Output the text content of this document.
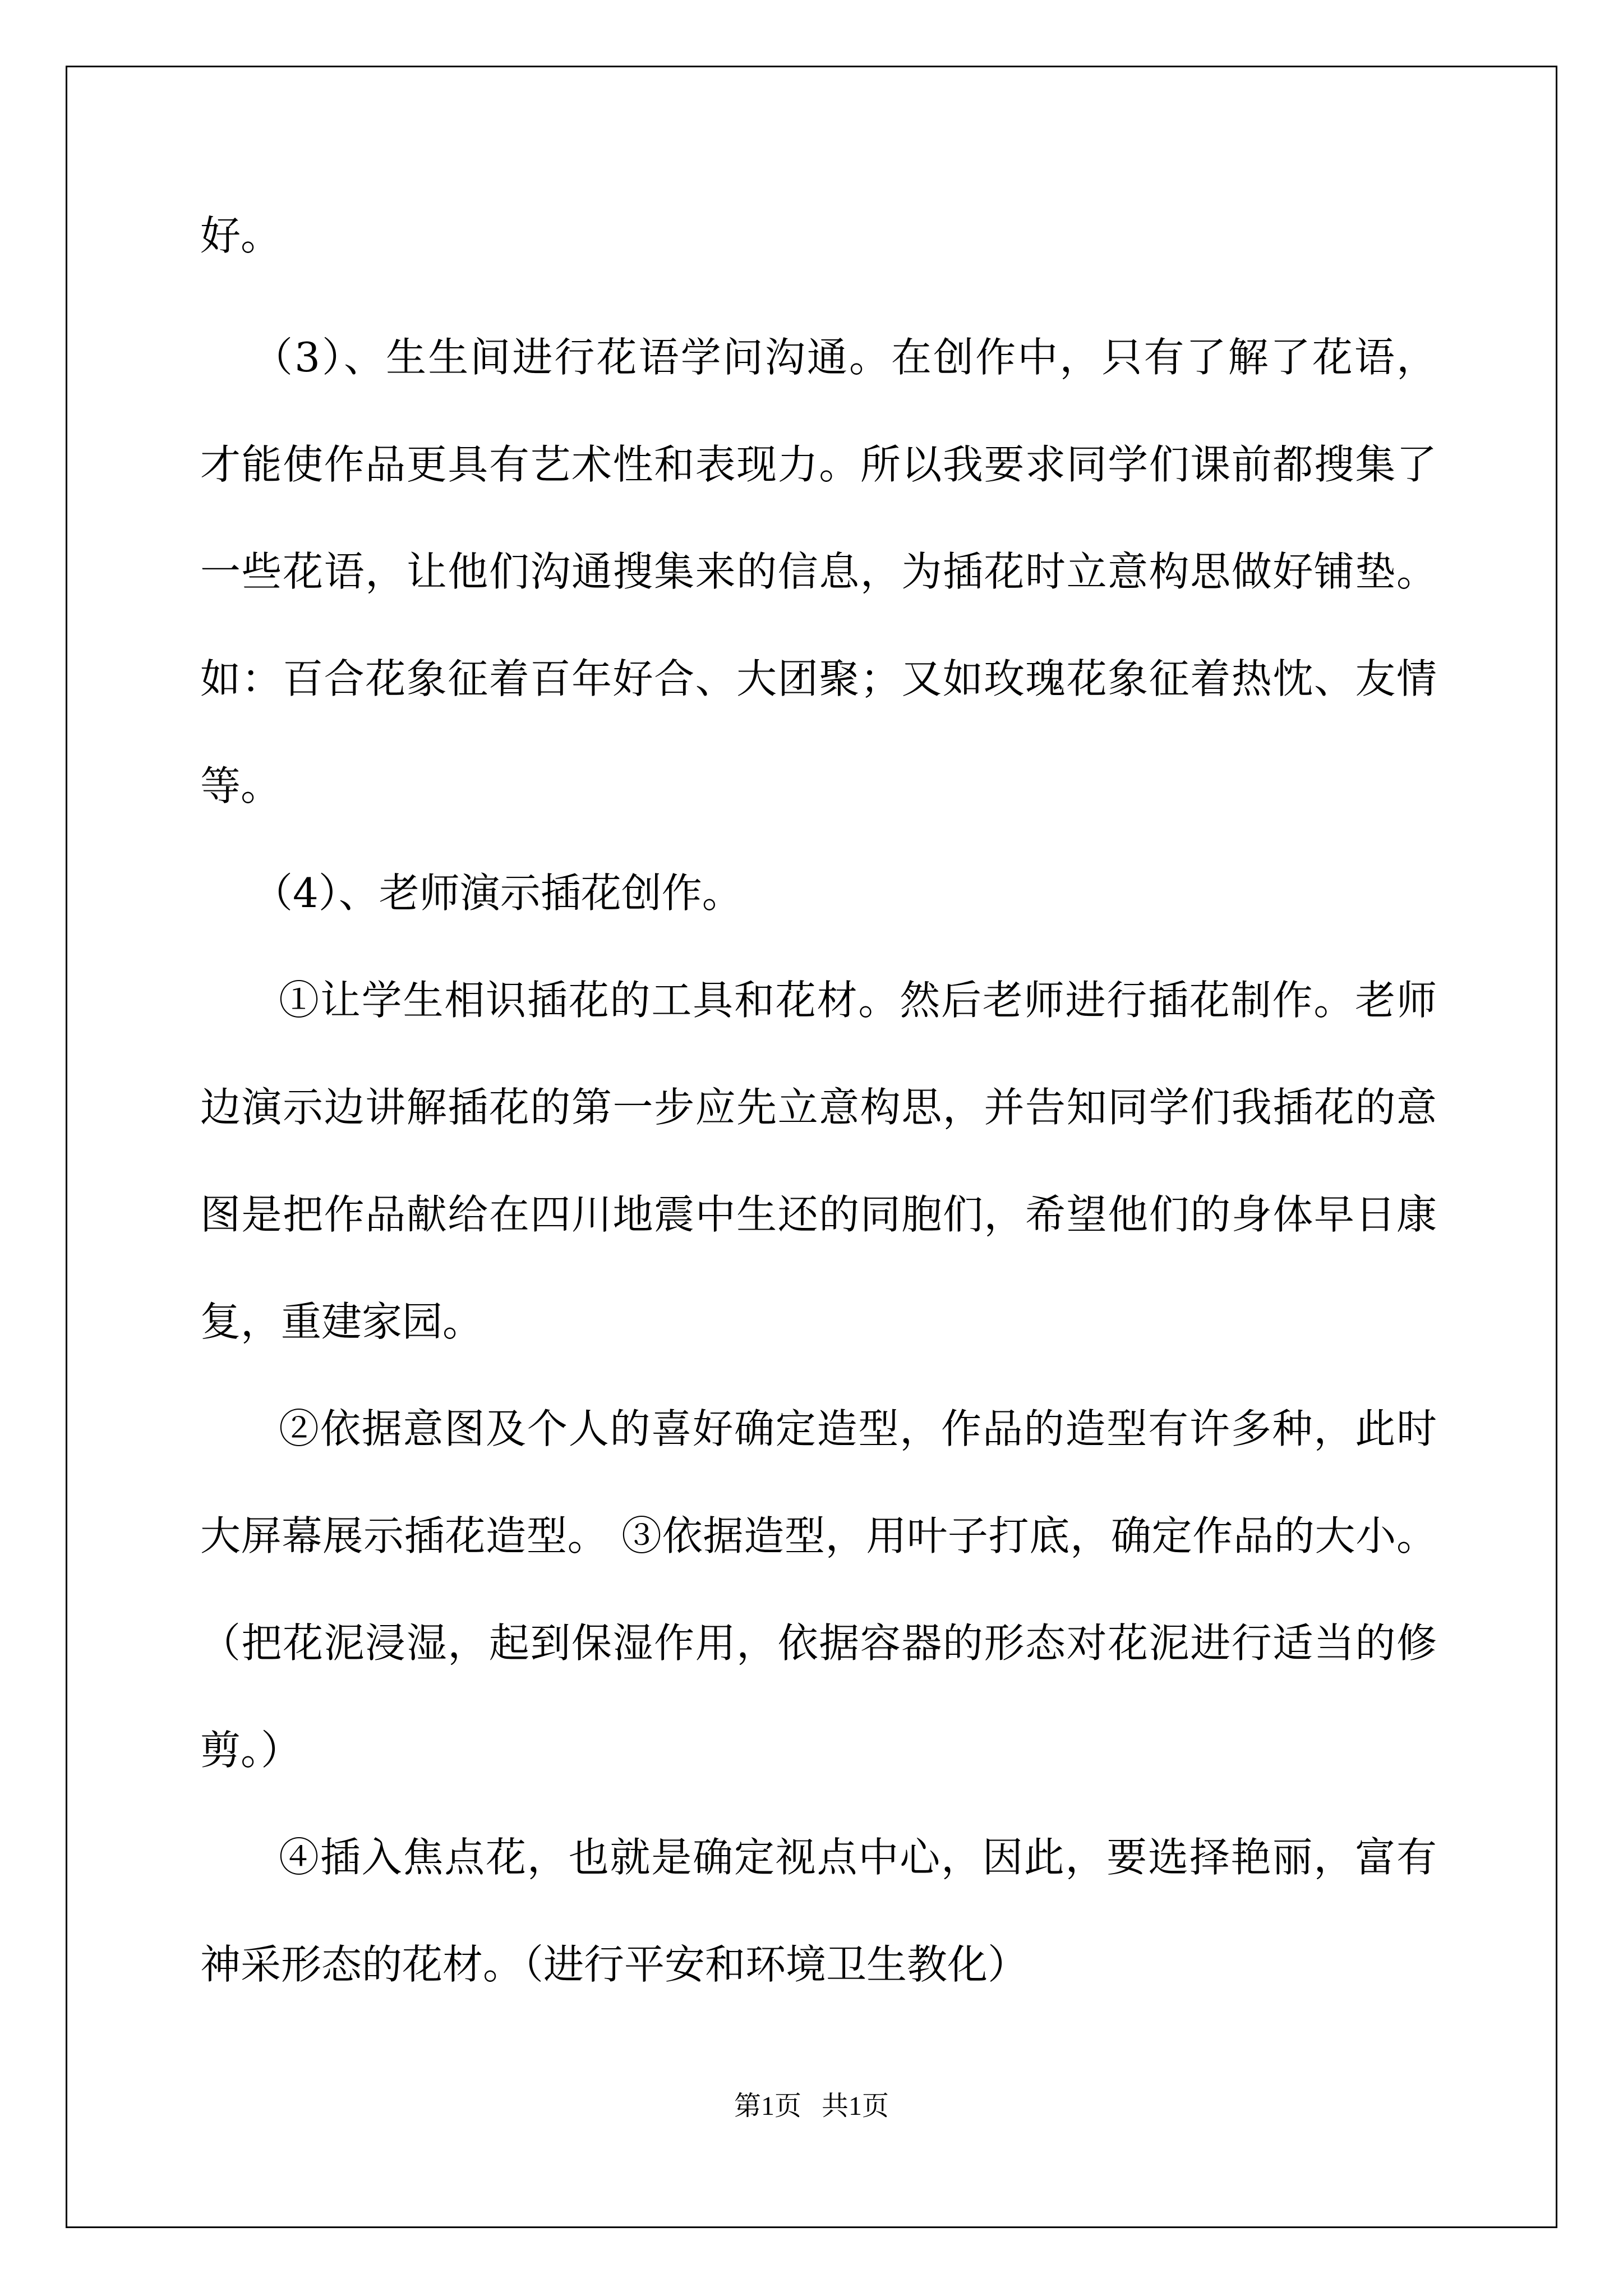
好。
（3）、生生间进行花语学问沟通。在创作中，只有了解了花语，
才能使作品更具有艺术性和表现力。所以我要求同学们课前都搜集了
一些花语，让他们沟通搜集来的信息，为插花时立意构思做好铺垫。
如：百合花象征着百年好合、大团聚；又如玫瑰花象征着热忱、友情
等。
（4）、老师演示插花创作。
①让学生相识插花的工具和花材。然后老师进行插花制作。老师
边演示边讲解插花的第一步应先立意构思，并告知同学们我插花的意
图是把作品献给在四川地震中生还的同胞们，希望他们的身体早日康
复，重建家园。
②依据意图及个人的喜好确定造型，作品的造型有许多种，此时
大屏幕展示插花造型。 ③依据造型，用叶子打底，确定作品的大小。
（把花泥浸湿，起到保湿作用，依据容器的形态对花泥进行适当的修
剪。）
④插入焦点花，也就是确定视点中心，因此，要选择艳丽，富有
神采形态的花材。（进行平安和环境卫生教化）
第1页   共1页
